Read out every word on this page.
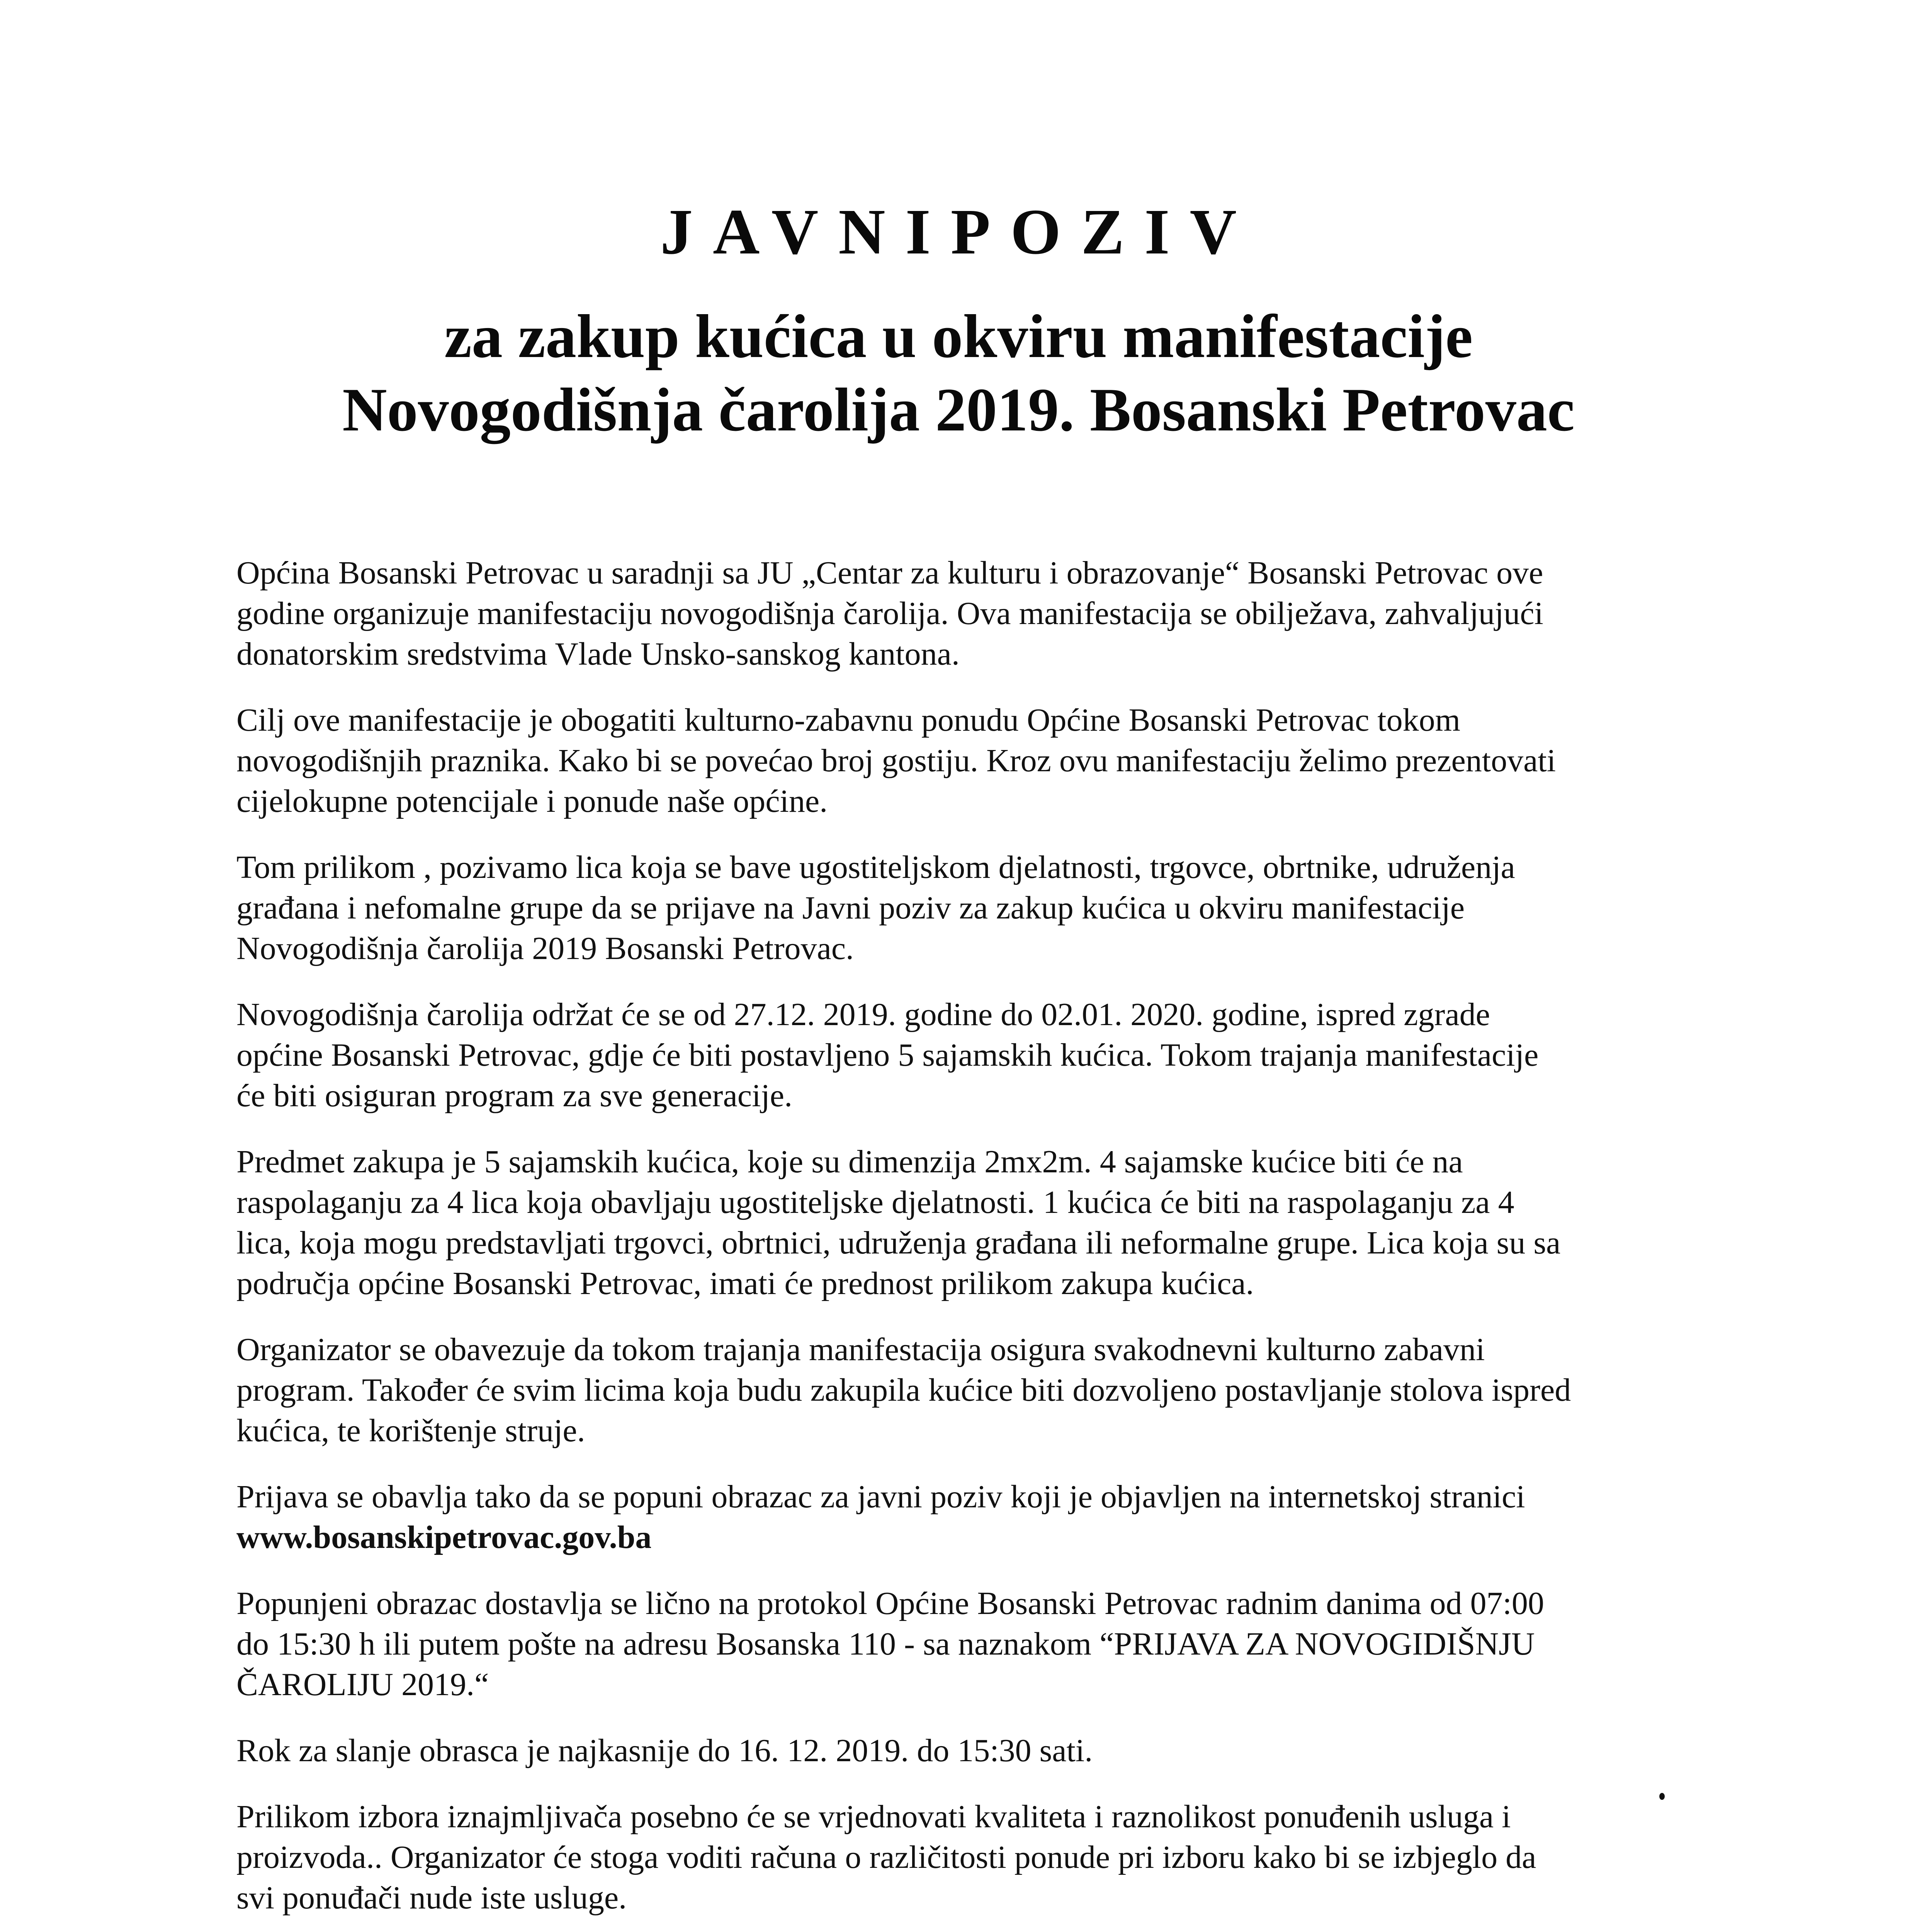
JAVNIPOZIV
za zakup kućica u okviru manifestacije
Novogodišnja čarolija 2019. Bosanski Petrovac

Općina Bosanski Petrovac u saradnji sa JU „Centar za kulturu i obrazovanje“ Bosanski Petrovac ove
godine organizuje manifestaciju novogodišnja čarolija. Ova manifestacija se obilježava, zahvaljujući
donatorskim sredstvima Vlade Unsko-sanskog kantona.

Cilj ove manifestacije je obogatiti kulturno-zabavnu ponudu Općine Bosanski Petrovac tokom
novogodišnjih praznika. Kako bi se povećao broj gostiju. Kroz ovu manifestaciju želimo prezentovati
cijelokupne potencijale i ponude naše općine.

Tom prilikom , pozivamo lica koja se bave ugostiteljskom djelatnosti, trgovce, obrtnike, udruženja
građana i nefomalne grupe da se prijave na Javni poziv za zakup kućica u okviru manifestacije
Novogodišnja čarolija 2019 Bosanski Petrovac.

Novogodišnja čarolija održat će se od 27.12. 2019. godine do 02.01. 2020. godine, ispred zgrade
općine Bosanski Petrovac, gdje će biti postavljeno 5 sajamskih kućica. Tokom trajanja manifestacije
će biti osiguran program za sve generacije.

Predmet zakupa je 5 sajamskih kućica, koje su dimenzija 2mx2m. 4 sajamske kućice biti će na
raspolaganju za 4 lica koja obavljaju ugostiteljske djelatnosti. 1 kućica će biti na raspolaganju za 4
lica, koja mogu predstavljati trgovci, obrtnici, udruženja građana ili neformalne grupe. Lica koja su sa
područja općine Bosanski Petrovac, imati će prednost prilikom zakupa kućica.

Organizator se obavezuje da tokom trajanja manifestacija osigura svakodnevni kulturno zabavni
program. Također će svim licima koja budu zakupila kućice biti dozvoljeno postavljanje stolova ispred
kućica, te korištenje struje.

Prijava se obavlja tako da se popuni obrazac za javni poziv koji je objavljen na internetskoj stranici
www.bosanskipetrovac.gov.ba

Popunjeni obrazac dostavlja se lično na protokol Općine Bosanski Petrovac radnim danima od 07:00
do 15:30 h ili putem pošte na adresu Bosanska 110 - sa naznakom “PRIJAVA ZA NOVOGIDIŠNJU
ČAROLIJU 2019.“

Rok za slanje obrasca je najkasnije do 16. 12. 2019. do 15:30 sati.

Prilikom izbora iznajmljivača posebno će se vrjednovati kvaliteta i raznolikost ponuđenih usluga i
proizvoda.. Organizator će stoga voditi računa o različitosti ponude pri izboru kako bi se izbjeglo da
svi ponuđači nude iste usluge.
